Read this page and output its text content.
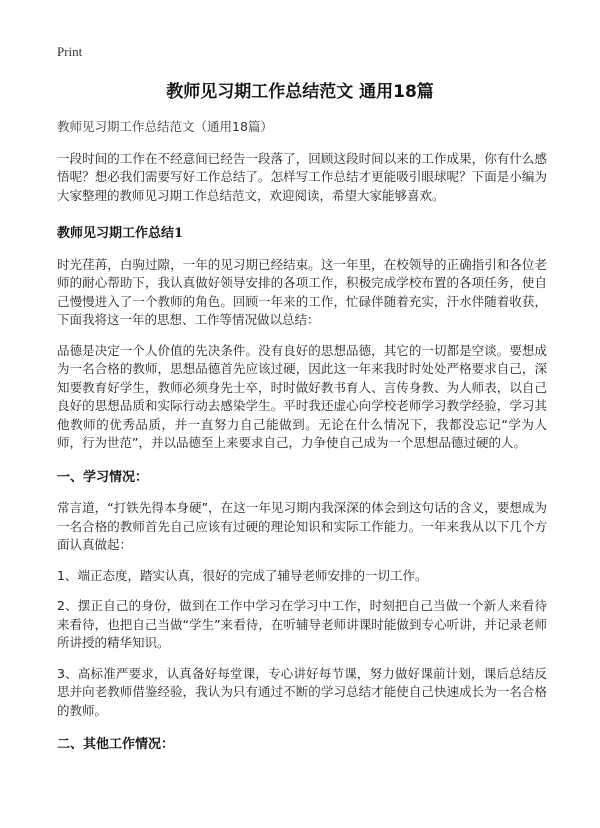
Print
教师见习期工作总结范文 通用18篇

教师见习期工作总结范文（通用18篇）

一段时间的工作在不经意间已经告一段落了，回顾这段时间以来的工作成果，你有什么感悟呢？想必我们需要写好工作总结了。怎样写工作总结才更能吸引眼球呢？下面是小编为大家整理的教师见习期工作总结范文，欢迎阅读，希望大家能够喜欢。

教师见习期工作总结1

时光荏苒，白驹过隙，一年的见习期已经结束。这一年里，在校领导的正确指引和各位老师的耐心帮助下，我认真做好领导安排的各项工作，积极完成学校布置的各项任务，使自己慢慢进入了一个教师的角色。回顾一年来的工作，忙碌伴随着充实，汗水伴随着收获，下面我将这一年的思想、工作等情况做以总结：

品德是决定一个人价值的先决条件。没有良好的思想品德，其它的一切都是空谈。要想成为一名合格的教师，思想品德首先应该过硬，因此这一年来我时时处处严格要求自己，深知要教育好学生，教师必须身先士卒，时时做好教书育人、言传身教、为人师表，以自己良好的思想品质和实际行动去感染学生。平时我还虚心向学校老师学习教学经验，学习其他教师的优秀品质，并一直努力自己能做到。无论在什么情况下，我都没忘记“学为人师，行为世范”，并以品德至上来要求自己，力争使自己成为一个思想品德过硬的人。

一、学习情况：

常言道，“打铁先得本身硬”，在这一年见习期内我深深的体会到这句话的含义，要想成为一名合格的教师首先自己应该有过硬的理论知识和实际工作能力。一年来我从以下几个方面认真做起：

1、端正态度，踏实认真，很好的完成了辅导老师安排的一切工作。

2、摆正自己的身份，做到在工作中学习在学习中工作，时刻把自己当做一个新人来看待来看待，也把自己当做“学生”来看待，在听辅导老师讲课时能做到专心听讲，并记录老师所讲授的精华知识。

3、高标准严要求，认真备好每堂课，专心讲好每节课，努力做好课前计划，课后总结反思并向老教师借鉴经验，我认为只有通过不断的学习总结才能使自己快速成长为一名合格的教师。

二、其他工作情况：
